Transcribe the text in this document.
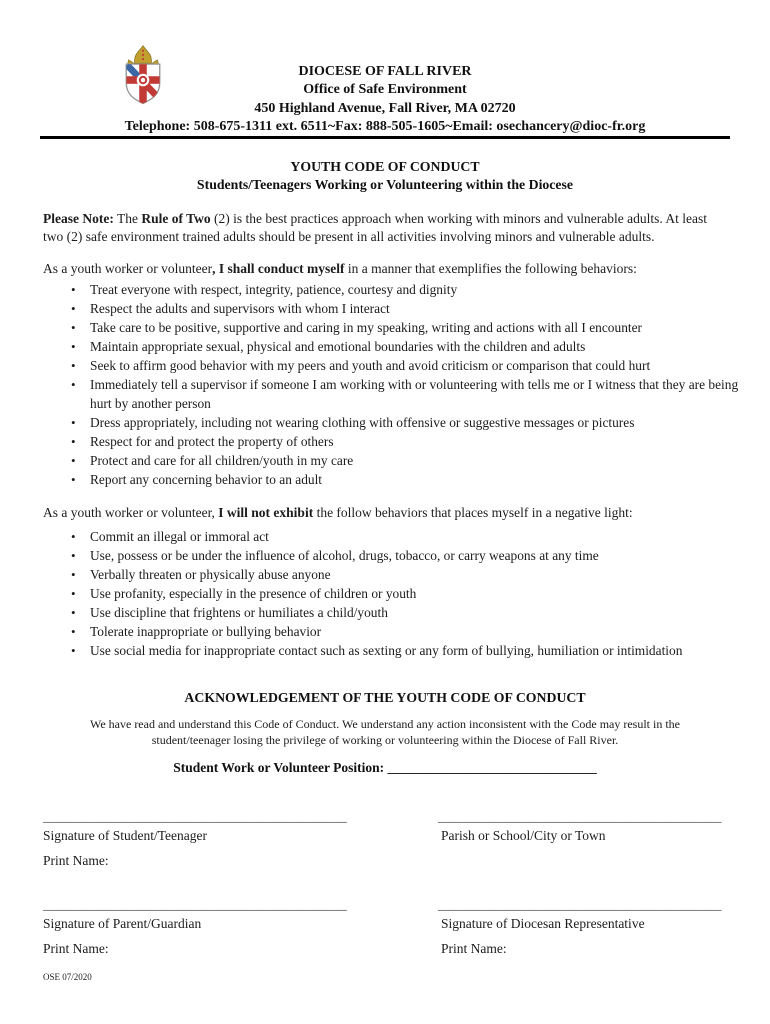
DIOCESE OF FALL RIVER
Office of Safe Environment
450 Highland Avenue, Fall River, MA 02720
Telephone: 508-675-1311 ext. 6511~Fax: 888-505-1605~Email: osechancery@dioc-fr.org
YOUTH CODE OF CONDUCT
Students/Teenagers Working or Volunteering within the Diocese

Please Note: The Rule of Two (2) is the best practices approach when working with minors and vulnerable adults. At least two (2) safe environment trained adults should be present in all activities involving minors and vulnerable adults.

As a youth worker or volunteer, I shall conduct myself in a manner that exemplifies the following behaviors:

• Treat everyone with respect, integrity, patience, courtesy and dignity
• Respect the adults and supervisors with whom I interact
• Take care to be positive, supportive and caring in my speaking, writing and actions with all I encounter
• Maintain appropriate sexual, physical and emotional boundaries with the children and adults
• Seek to affirm good behavior with my peers and youth and avoid criticism or comparison that could hurt
• Immediately tell a supervisor if someone I am working with or volunteering with tells me or I witness that they are being hurt by another person
• Dress appropriately, including not wearing clothing with offensive or suggestive messages or pictures
• Respect for and protect the property of others
• Protect and care for all children/youth in my care
• Report any concerning behavior to an adult

As a youth worker or volunteer, I will not exhibit the follow behaviors that places myself in a negative light:

• Commit an illegal or immoral act
• Use, possess or be under the influence of alcohol, drugs, tobacco, or carry weapons at any time
• Verbally threaten or physically abuse anyone
• Use profanity, especially in the presence of children or youth
• Use discipline that frightens or humiliates a child/youth
• Tolerate inappropriate or bullying behavior
• Use social media for inappropriate contact such as sexting or any form of bullying, humiliation or intimidation
ACKNOWLEDGEMENT OF THE YOUTH CODE OF CONDUCT

We have read and understand this Code of Conduct. We understand any action inconsistent with the Code may result in the student/teenager losing the privilege of working or volunteering within the Diocese of Fall River.

Student Work or Volunteer Position: _______________________________
_____________________________________________	__________________________________________
Signature of Student/Teenager	Parish or School/City or Town
Print Name:
_____________________________________________	__________________________________________
Signature of Parent/Guardian	Signature of Diocesan Representative
Print Name:	Print Name:
OSE 07/2020
